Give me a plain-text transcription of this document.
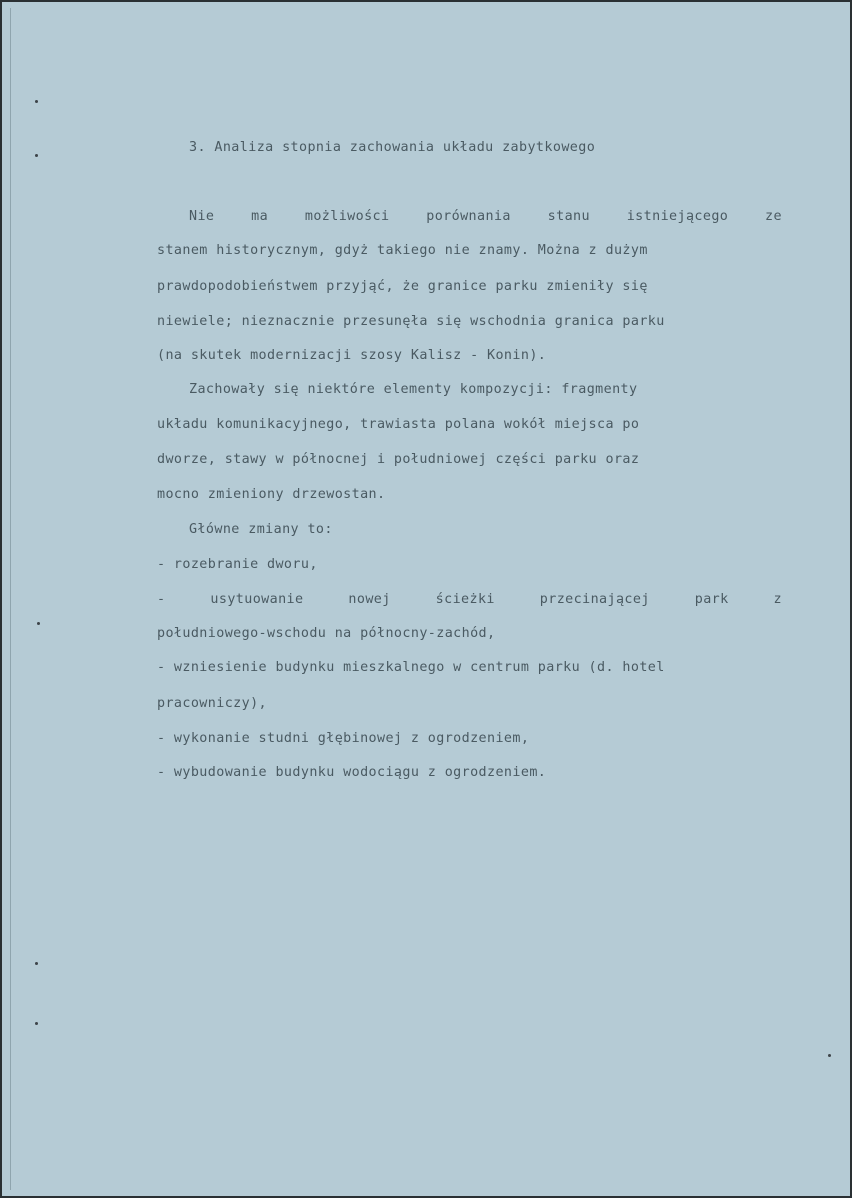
3. Analiza stopnia zachowania układu zabytkowego
Nie	ma	możliwości	porównania	stanu	istniejącego	ze
stanem historycznym, gdyż takiego nie znamy. Można z dużym
prawdopodobieństwem przyjąć, że granice parku zmieniły się
niewiele; nieznacznie przesunęła się wschodnia granica parku
(na skutek modernizacji szosy Kalisz - Konin).
Zachowały się niektóre elementy kompozycji: fragmenty
układu komunikacyjnego, trawiasta polana wokół miejsca po
dworze, stawy w północnej i południowej części parku oraz
mocno zmieniony drzewostan.
Główne zmiany to:
- rozebranie dworu,
-	usytuowanie	nowej	ścieżki	przecinającej	park	z
południowego-wschodu na północny-zachód,
- wzniesienie budynku mieszkalnego w centrum parku (d. hotel
pracowniczy),
- wykonanie studni głębinowej z ogrodzeniem,
- wybudowanie budynku wodociągu z ogrodzeniem.
